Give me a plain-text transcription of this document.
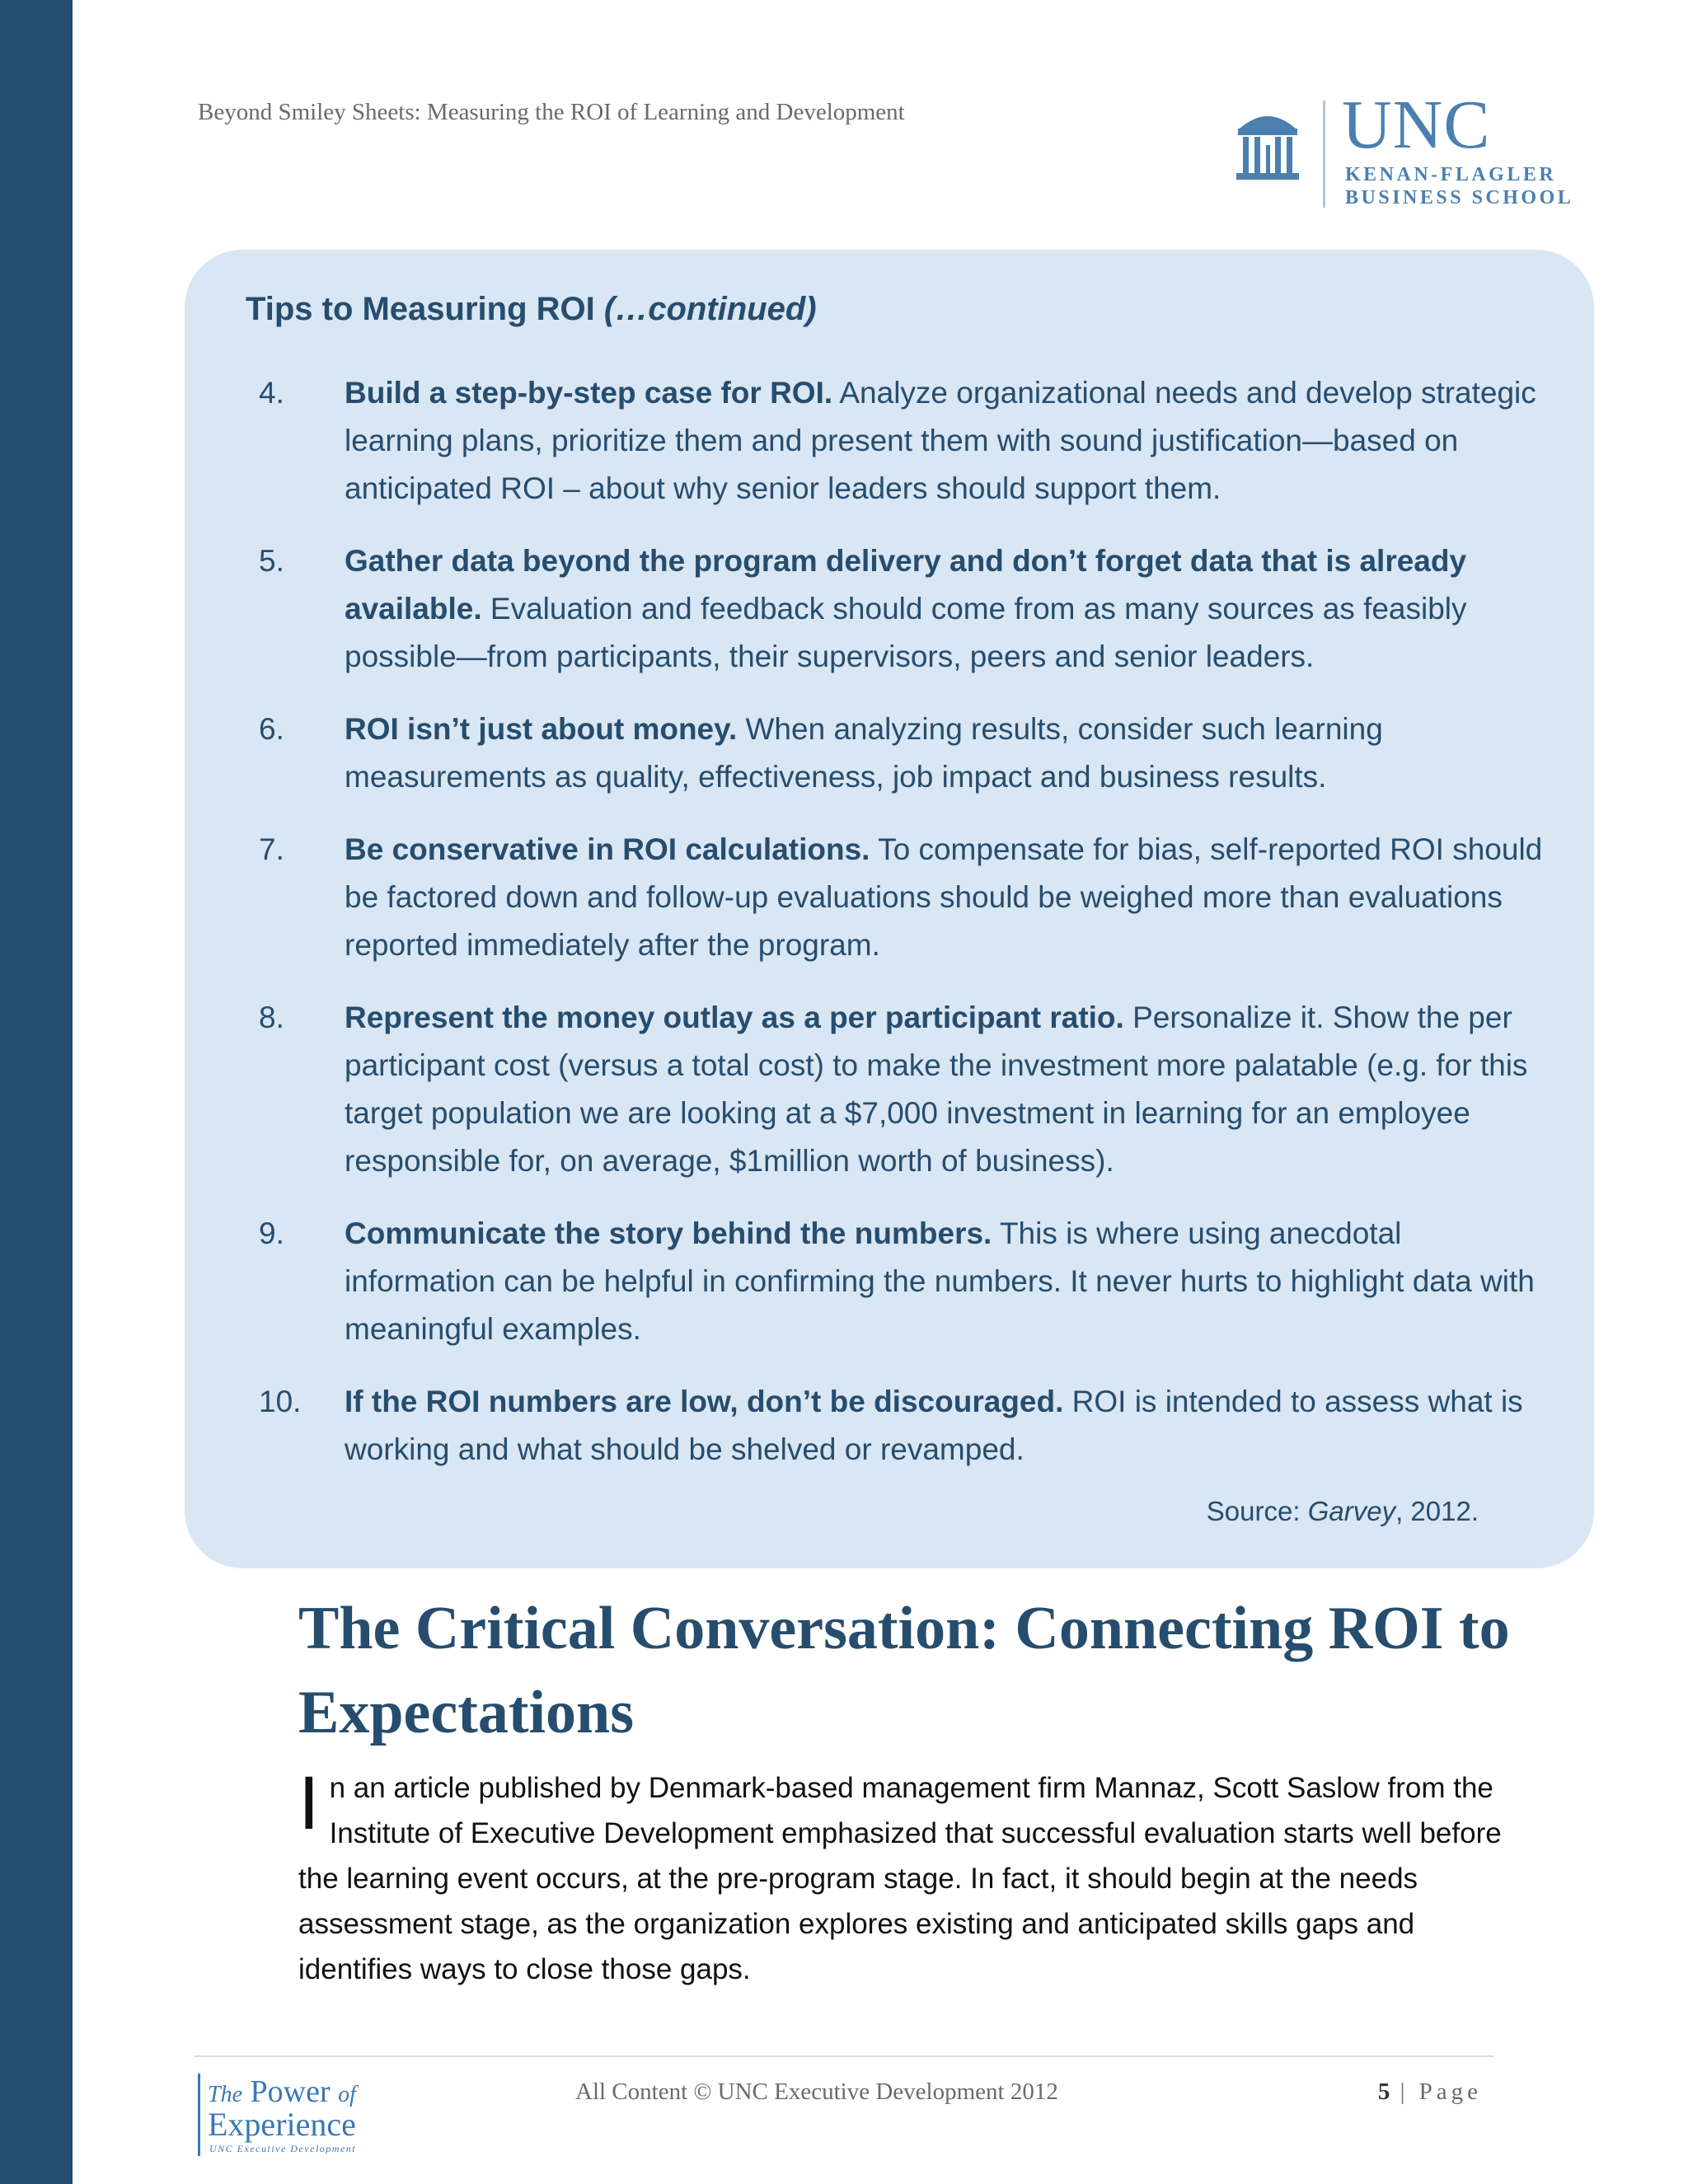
Beyond Smiley Sheets: Measuring the ROI of Learning and Development	UNC
KENAN-FLAGLER
BUSINESS SCHOOL
Tips to Measuring ROI (…continued)
4.	Build a step-by-step case for ROI. Analyze organizational needs and develop strategic learning plans, prioritize them and present them with sound justification—based on anticipated ROI – about why senior leaders should support them.
5.	Gather data beyond the program delivery and don’t forget data that is already available. Evaluation and feedback should come from as many sources as feasibly possible—from participants, their supervisors, peers and senior leaders.
6.	ROI isn’t just about money. When analyzing results, consider such learning measurements as quality, effectiveness, job impact and business results.
7.	Be conservative in ROI calculations. To compensate for bias, self-reported ROI should be factored down and follow-up evaluations should be weighed more than evaluations reported immediately after the program.
8.	Represent the money outlay as a per participant ratio. Personalize it. Show the per participant cost (versus a total cost) to make the investment more palatable (e.g. for this target population we are looking at a $7,000 investment in learning for an employee responsible for, on average, $1million worth of business).
9.	Communicate the story behind the numbers. This is where using anecdotal information can be helpful in confirming the numbers. It never hurts to highlight data with meaningful examples.
10.	If the ROI numbers are low, don’t be discouraged. ROI is intended to assess what is working and what should be shelved or revamped.
Source: Garvey, 2012.
The Critical Conversation: Connecting ROI to Expectations
In an article published by Denmark-based management firm Mannaz, Scott Saslow from the Institute of Executive Development emphasized that successful evaluation starts well before the learning event occurs, at the pre-program stage. In fact, it should begin at the needs assessment stage, as the organization explores existing and anticipated skills gaps and identifies ways to close those gaps.
The Power of
Experience
UNC Executive Development
All Content © UNC Executive Development 2012	5 | Page
